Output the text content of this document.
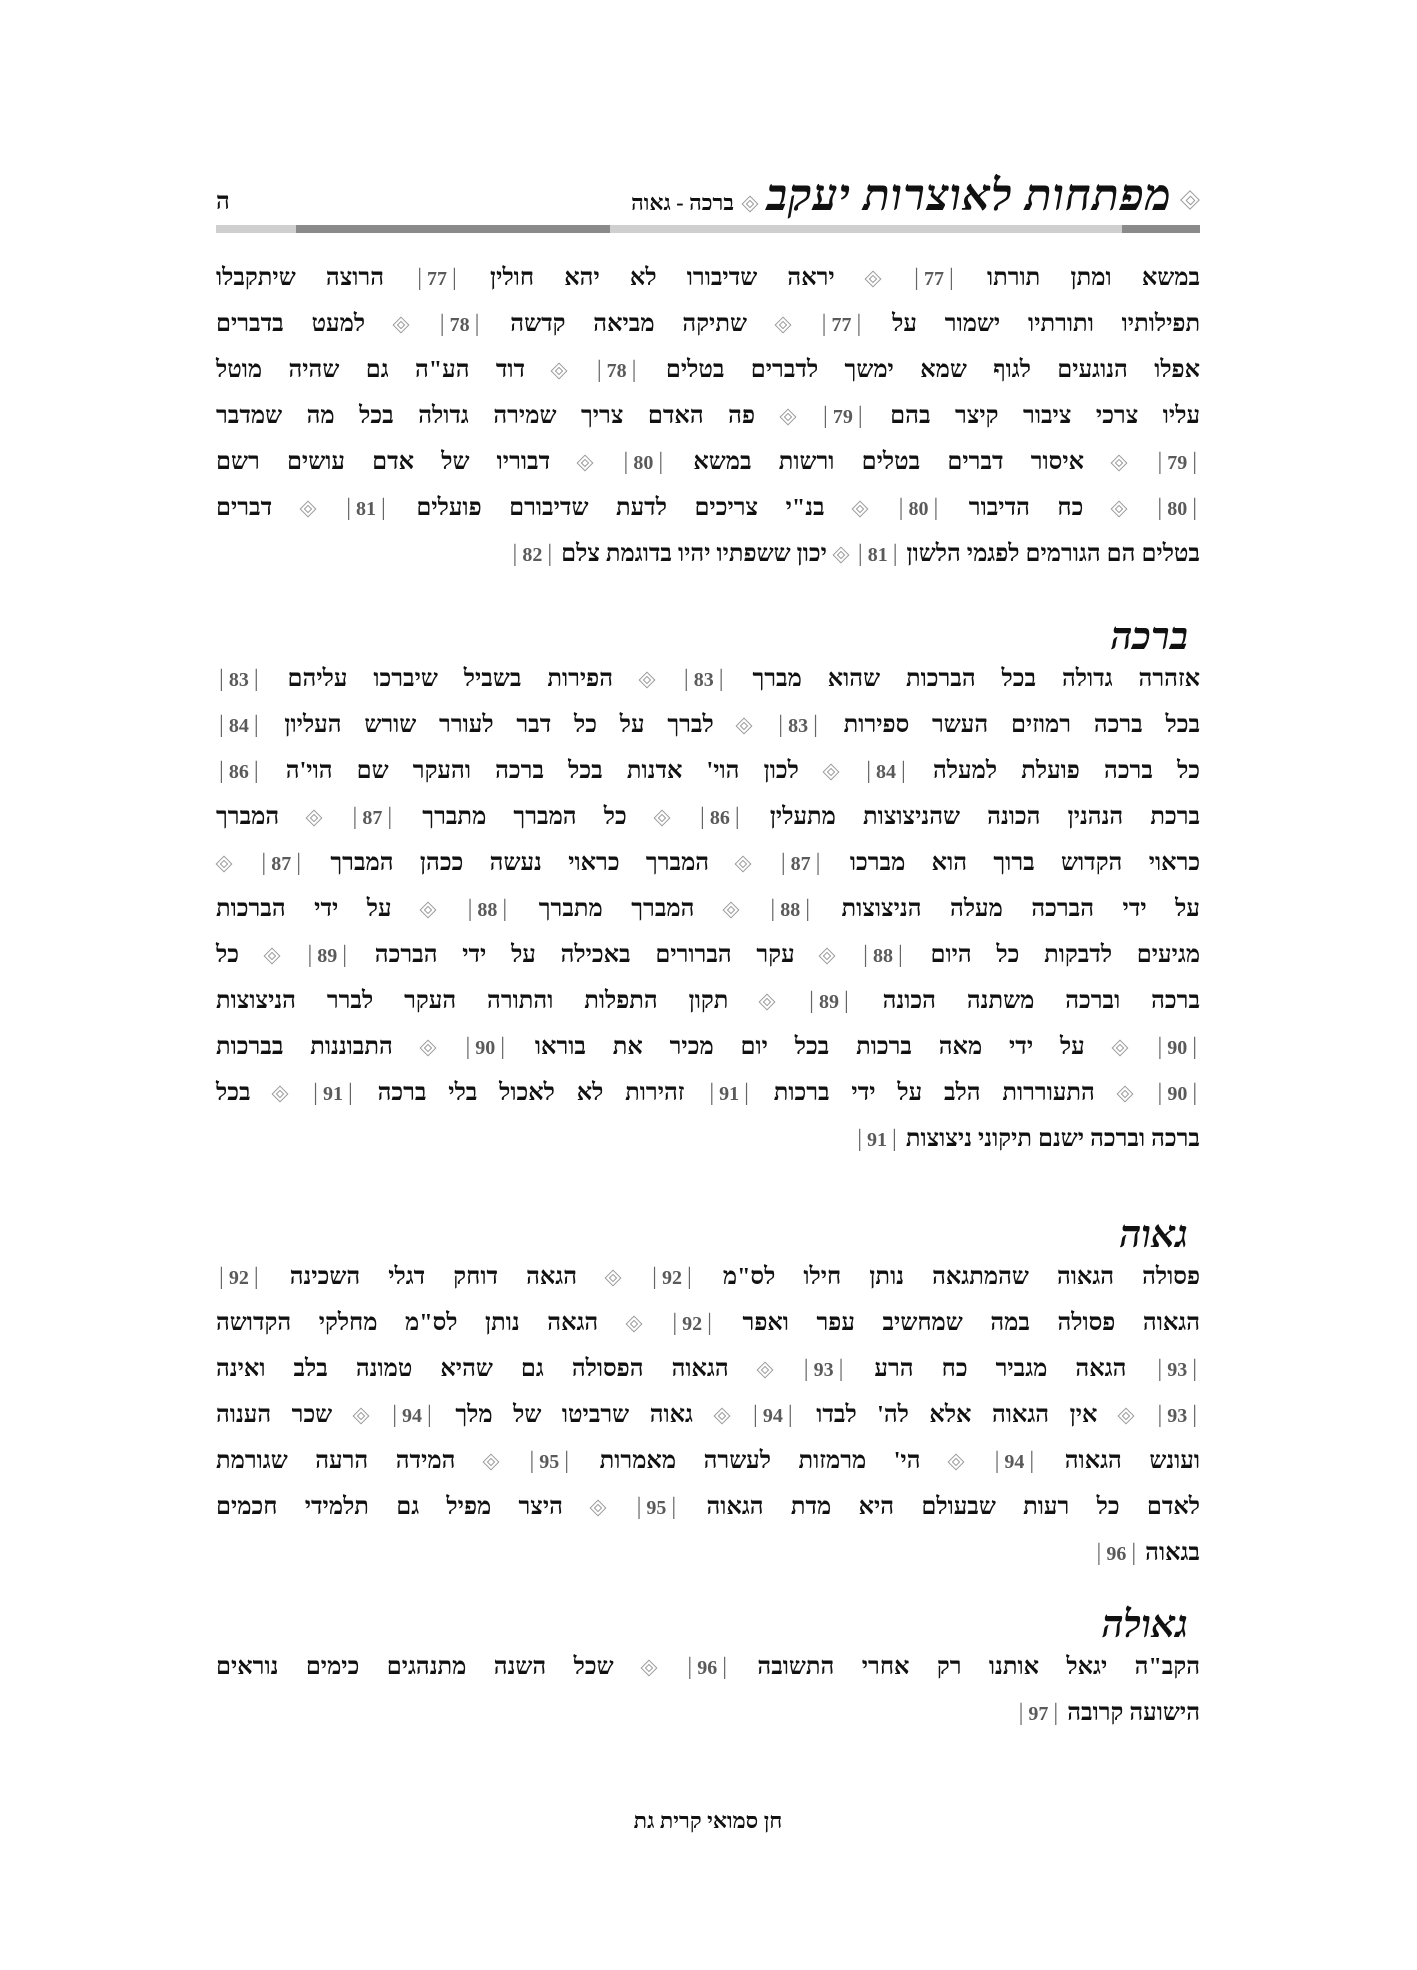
מפתחות לאוצרות יעקב
ברכה - גאוה
ה
במשא ומתן תורתו |77|  יראה שדיבורו לא יהא חולין |77| הרוצה שיתקבלו
תפילותיו ותורתיו ישמור על |77|  שתיקה מביאה קדשה |78|  למעט בדברים
אפלו הנוגעים לגוף שמא ימשך לדברים בטלים |78|  דוד הע"ה גם שהיה מוטל
עליו צרכי ציבור קיצר בהם |79|  פה האדם צריך שמירה גדולה בכל מה שמדבר
|79|  איסור דברים בטלים ורשות במשא |80|  דבוריו של אדם עושים רשם
|80|  כח הדיבור |80|  בנ"י צריכים לדעת שדיבורם פועלים |81|  דברים
בטלים הם הגורמים לפגמי הלשון |81|  יכון ששפתיו יהיו בדוגמת צלם |82|
ברכה
אזהרה גדולה בכל הברכות שהוא מברך |83|  הפירות בשביל שיברכו עליהם |83|
בכל ברכה רמוזים העשר ספירות |83|  לברך על כל דבר לעורר שורש העליון |84|
כל ברכה פועלת למעלה |84|  לכון הוי' אדנות בכל ברכה והעקר שם הוי'ה |86|
ברכת הנהנין הכונה שהניצוצות מתעלין |86|  כל המברך מתברך |87|  המברך
כראוי הקדוש ברוך הוא מברכו |87|  המברך כראוי נעשה ככהן המברך |87|
על ידי הברכה מעלה הניצוצות |88|  המברך מתברך |88|  על ידי הברכות
מגיעים לדבקות כל היום |88|  עקר הברורים באכילה על ידי הברכה |89|  כל
ברכה וברכה משתנה הכונה |89|  תקון התפלות והתורה העקר לברר הניצוצות
|90|  על ידי מאה ברכות בכל יום מכיר את בוראו |90|  התבוננות בברכות
|90|  התעוררות הלב על ידי ברכות |91| זהירות לא לאכול בלי ברכה |91|  בכל
ברכה וברכה ישנם תיקוני ניצוצות |91|
גאוה
פסולה הגאוה שהמתגאה נותן חילו לס"מ |92|  הגאה דוחק דגלי השכינה |92|
הגאוה פסולה במה שמחשיב עפר ואפר |92|  הגאה נותן לס"מ מחלקי הקדושה
|93| הגאה מגביר כח הרע |93|  הגאוה הפסולה גם שהיא טמונה בלב ואינה
|93|  אין הגאוה אלא לה' לבדו |94|  גאוה שרביטו של מלך |94|  שכר הענוה
ועונש הגאוה |94|  הי' מרמזות לעשרה מאמרות |95|  המידה הרעה שגורמת
לאדם כל רעות שבעולם היא מדת הגאוה |95|  היצר מפיל גם תלמידי חכמים
בגאוה |96|
גאולה
הקב"ה יגאל אותנו רק אחרי התשובה |96|  שכל השנה מתנהגים כימים נוראים
הישועה קרובה |97|
חן סמואי קרית גת
